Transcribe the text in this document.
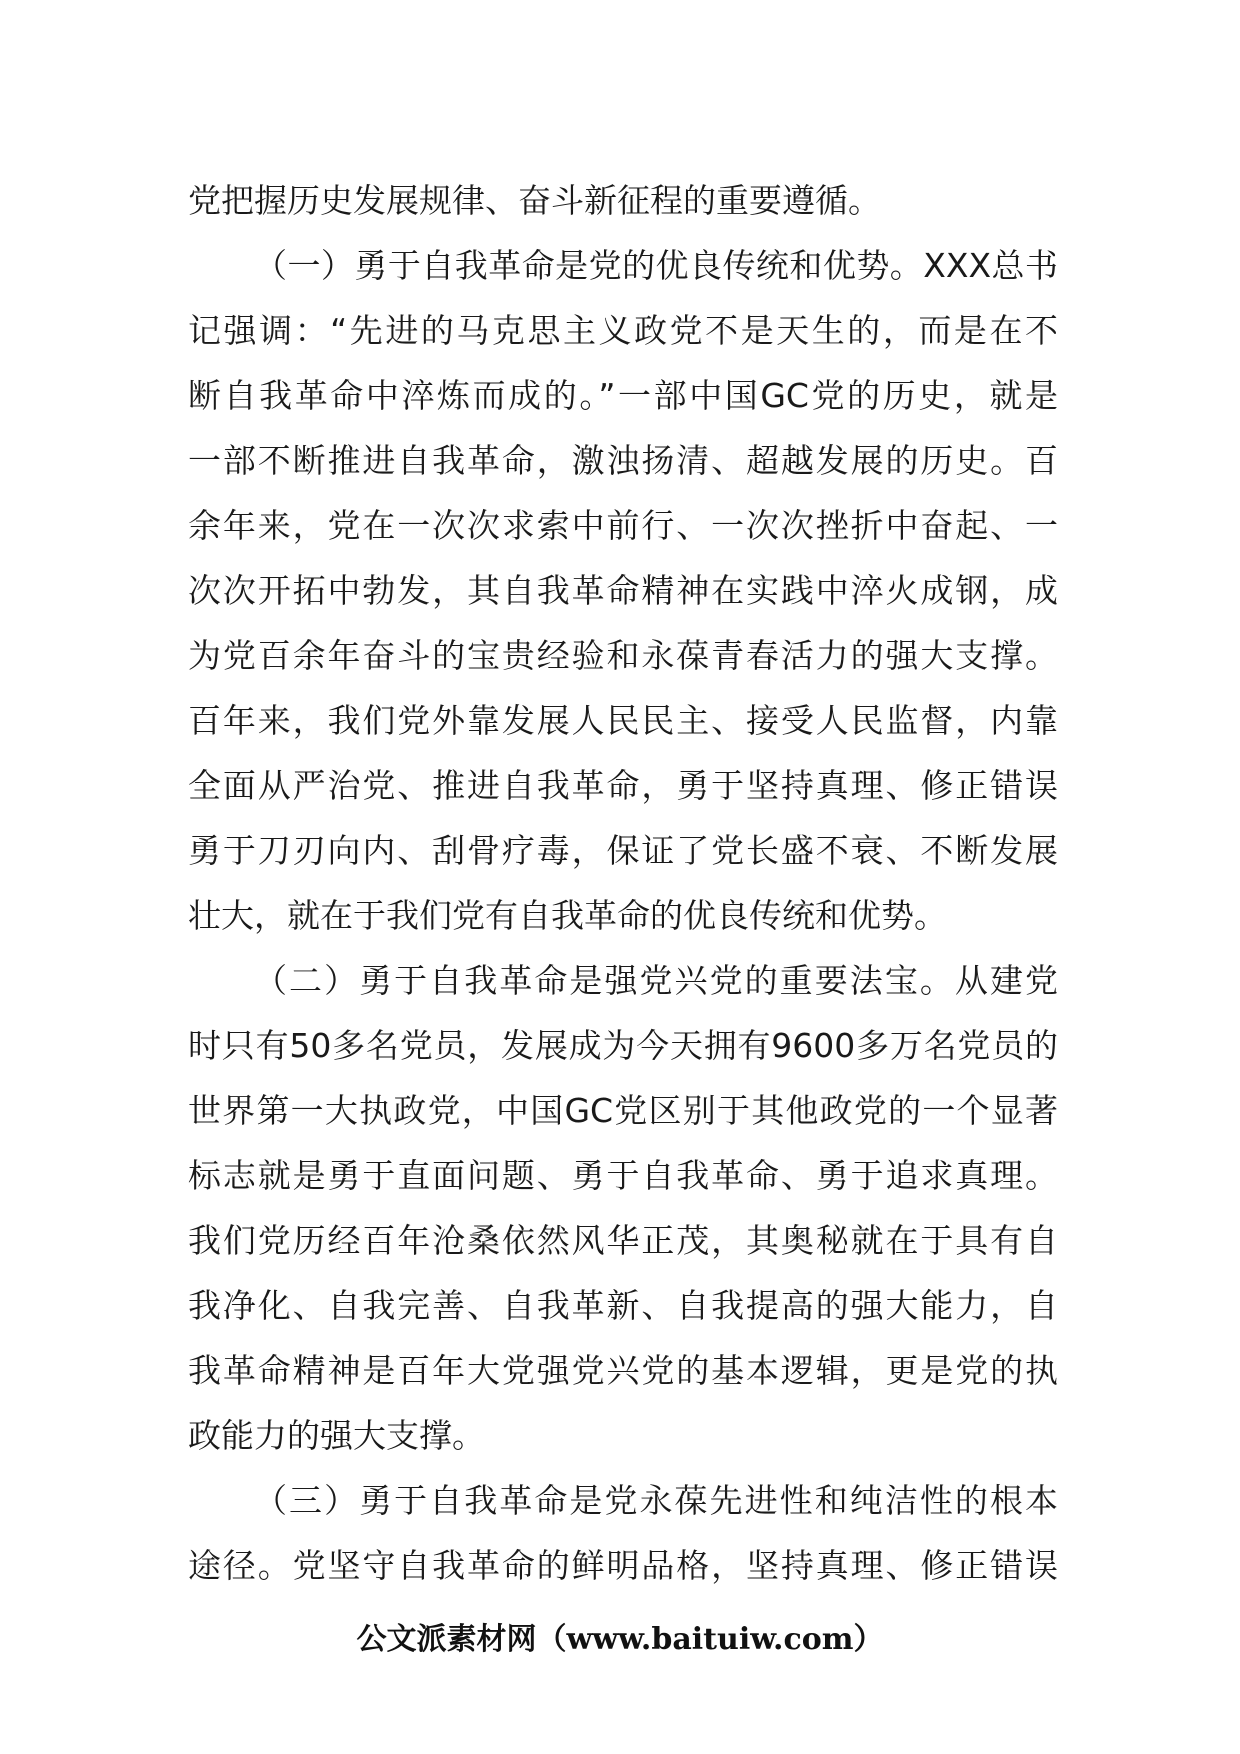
党把握历史发展规律、奋斗新征程的重要遵循。
（一）勇于自我革命是党的优良传统和优势。XXX总书
记强调：“先进的马克思主义政党不是天生的，而是在不
断自我革命中淬炼而成的。”一部中国GC党的历史，就是
一部不断推进自我革命，激浊扬清、超越发展的历史。百
余年来，党在一次次求索中前行、一次次挫折中奋起、一
次次开拓中勃发，其自我革命精神在实践中淬火成钢，成
为党百余年奋斗的宝贵经验和永葆青春活力的强大支撑。
百年来，我们党外靠发展人民民主、接受人民监督，内靠
全面从严治党、推进自我革命，勇于坚持真理、修正错误
勇于刀刃向内、刮骨疗毒，保证了党长盛不衰、不断发展
壮大，就在于我们党有自我革命的优良传统和优势。
（二）勇于自我革命是强党兴党的重要法宝。从建党
时只有50多名党员，发展成为今天拥有9600多万名党员的
世界第一大执政党，中国GC党区别于其他政党的一个显著
标志就是勇于直面问题、勇于自我革命、勇于追求真理。
我们党历经百年沧桑依然风华正茂，其奥秘就在于具有自
我净化、自我完善、自我革新、自我提高的强大能力，自
我革命精神是百年大党强党兴党的基本逻辑，更是党的执
政能力的强大支撑。
（三）勇于自我革命是党永葆先进性和纯洁性的根本
途径。党坚守自我革命的鲜明品格，坚持真理、修正错误
公文派素材网（www.baituiw.com）
